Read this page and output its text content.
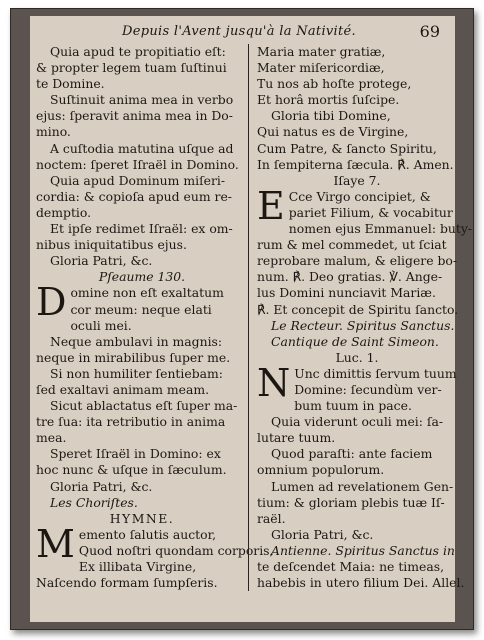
Depuis l'Avent jusqu'à la Nativité.	69
Quia apud te propitiatio eſt:
& propter legem tuam ſuſtinui
te Domine.
Suſtinuit anima mea in verbo
ejus: ſperavit anima mea in Do-
mino.
A cuſtodia matutina uſque ad
noctem: ſperet Iſraël in Domino.
Quia apud Dominum miſeri-
cordia: & copioſa apud eum re-
demptio.
Et ipſe redimet Iſraël: ex om-
nibus iniquitatibus ejus.
Gloria Patri, &c.
Pſeaume 130.
D omine non eſt exaltatum
cor meum: neque elati
oculi mei.
Neque ambulavi in magnis:
neque in mirabilibus ſuper me.
Si non humiliter ſentiebam:
ſed exaltavi animam meam.
Sicut ablactatus eſt ſuper ma-
tre ſua: ita retributio in anima
mea.
Speret Iſraël in Domino: ex
hoc nunc & uſque in ſæculum.
Gloria Patri, &c.
Les Choriſtes.
HYMNE.
M emento ſalutis auctor,
Quod noſtri quondam corporis,
Ex illibata Virgine,
Naſcendo formam ſumpſeris.
Maria mater gratiæ,
Mater miſericordiæ,
Tu nos ab hoſte protege,
Et horâ mortis ſuſcipe.
Gloria tibi Domine,
Qui natus es de Virgine,
Cum Patre, & ſancto Spiritu,
In ſempiterna ſæcula. ℟. Amen.
Iſaye 7.
E Cce Virgo concipiet, &
pariet Filium, & vocabitur
nomen ejus Emmanuel: buty-
rum & mel commedet, ut ſciat
reprobare malum, & eligere bo-
num. ℟. Deo gratias. ℣. Ange-
lus Domini nunciavit Mariæ.
℟. Et concepit de Spiritu ſancto.
Le Recteur. Spiritus Sanctus.
Cantique de Saint Simeon.
Luc. 1.
N Unc dimittis ſervum tuum
Domine: ſecundùm ver-
bum tuum in pace.
Quia viderunt oculi mei: ſa-
lutare tuum.
Quod paraſti: ante faciem
omnium populorum.
Lumen ad revelationem Gen-
tium: & gloriam plebis tuæ Iſ-
raël.
Gloria Patri, &c.
Antienne. Spiritus Sanctus in
te deſcendet Maia: ne timeas,
habebis in utero filium Dei. Allel.
